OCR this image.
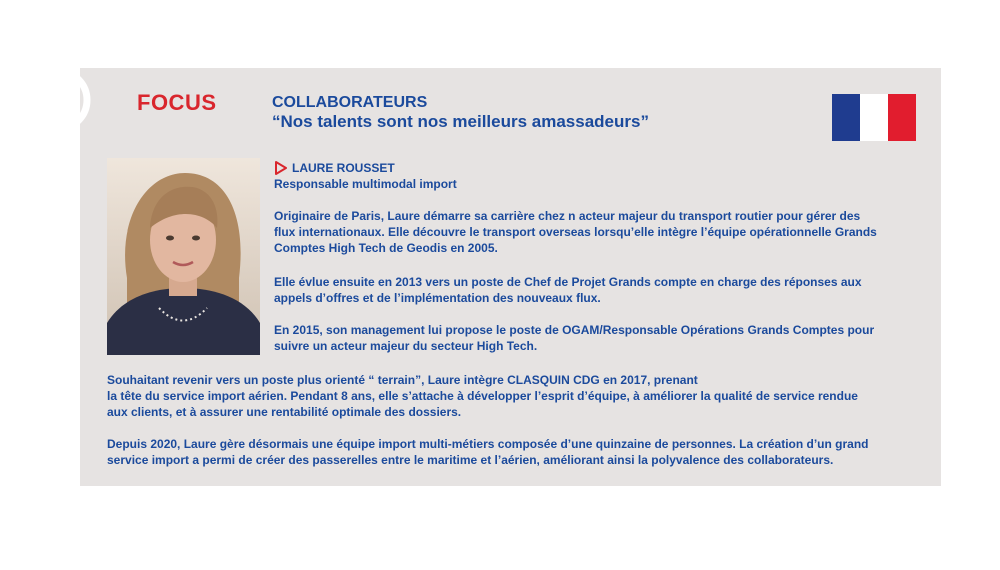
FOCUS	COLLABORATEURS
“Nos talents sont nos meilleurs amassadeurs”
LAURE ROUSSET
Responsable multimodal import
Originaire de Paris, Laure démarre sa carrière chez n acteur majeur du transport routier pour gérer des
flux internationaux. Elle découvre le transport overseas lorsqu’elle intègre l’équipe opérationnelle Grands
Comptes High Tech de Geodis en 2005.
Elle évlue ensuite en 2013 vers un poste de Chef de Projet Grands compte en charge des réponses aux
appels d’offres et de l’implémentation des nouveaux flux.
En 2015, son management lui propose le poste de OGAM/Responsable Opérations Grands Comptes pour
suivre un acteur majeur du secteur High Tech.
Souhaitant revenir vers un poste plus orienté “ terrain”, Laure intègre CLASQUIN CDG en 2017, prenant
la tête du service import aérien. Pendant 8 ans, elle s’attache à développer l’esprit d’équipe, à améliorer la qualité de service rendue
aux clients, et à assurer une rentabilité optimale des dossiers.
Depuis 2020, Laure gère désormais une équipe import multi-métiers composée d’une quinzaine de personnes. La création d’un grand
service import a permi de créer des passerelles entre le maritime et l’aérien, améliorant ainsi la polyvalence des collaborateurs.
